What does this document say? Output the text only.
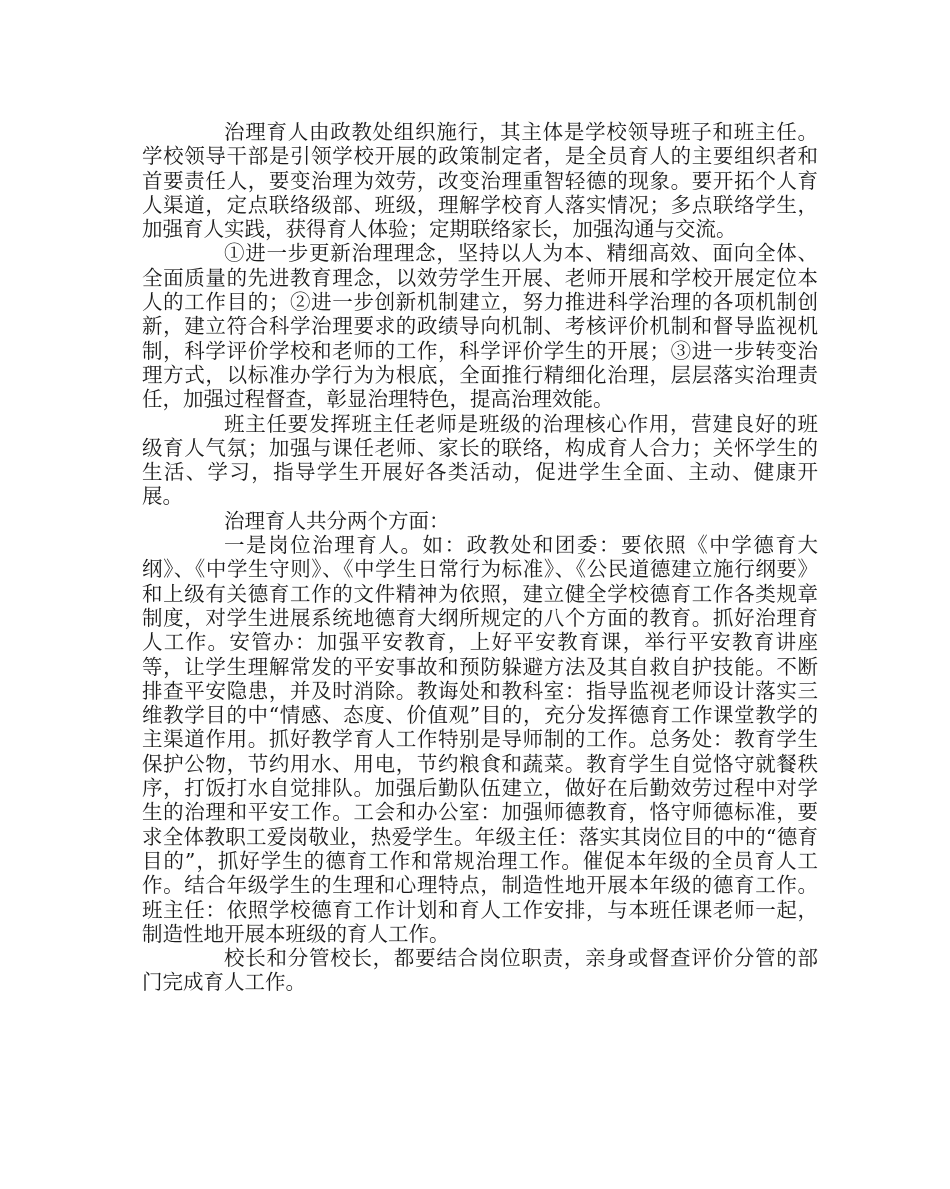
治理育人由政教处组织施行，其主体是学校领导班子和班主任。学校领导干部是引领学校开展的政策制定者，是全员育人的主要组织者和首要责任人，要变治理为效劳，改变治理重智轻德的现象。要开拓个人育人渠道，定点联络级部、班级，理解学校育人落实情况；多点联络学生，加强育人实践，获得育人体验；定期联络家长，加强沟通与交流。

①进一步更新治理理念，坚持以人为本、精细高效、面向全体、全面质量的先进教育理念，以效劳学生开展、老师开展和学校开展定位本人的工作目的；②进一步创新机制建立，努力推进科学治理的各项机制创新，建立符合科学治理要求的政绩导向机制、考核评价机制和督导监视机制，科学评价学校和老师的工作，科学评价学生的开展；③进一步转变治理方式，以标准办学行为为根底，全面推行精细化治理，层层落实治理责任，加强过程督查，彰显治理特色，提高治理效能。

班主任要发挥班主任老师是班级的治理核心作用，营建良好的班级育人气氛；加强与课任老师、家长的联络，构成育人合力；关怀学生的生活、学习，指导学生开展好各类活动，促进学生全面、主动、健康开展。

治理育人共分两个方面：

一是岗位治理育人。如：政教处和团委：要依照《中学德育大纲》、《中学生守则》、《中学生日常行为标准》、《公民道德建立施行纲要》和上级有关德育工作的文件精神为依照，建立健全学校德育工作各类规章制度，对学生进展系统地德育大纲所规定的八个方面的教育。抓好治理育人工作。安管办：加强平安教育，上好平安教育课，举行平安教育讲座等，让学生理解常发的平安事故和预防躲避方法及其自救自护技能。不断排查平安隐患，并及时消除。教诲处和教科室：指导监视老师设计落实三维教学目的中“情感、态度、价值观”目的，充分发挥德育工作课堂教学的主渠道作用。抓好教学育人工作特别是导师制的工作。总务处：教育学生保护公物，节约用水、用电，节约粮食和蔬菜。教育学生自觉恪守就餐秩序，打饭打水自觉排队。加强后勤队伍建立，做好在后勤效劳过程中对学生的治理和平安工作。工会和办公室：加强师德教育，恪守师德标准，要求全体教职工爱岗敬业，热爱学生。年级主任：落实其岗位目的中的“德育目的”，抓好学生的德育工作和常规治理工作。催促本年级的全员育人工作。结合年级学生的生理和心理特点，制造性地开展本年级的德育工作。班主任：依照学校德育工作计划和育人工作安排，与本班任课老师一起，制造性地开展本班级的育人工作。

校长和分管校长，都要结合岗位职责，亲身或督查评价分管的部门完成育人工作。
